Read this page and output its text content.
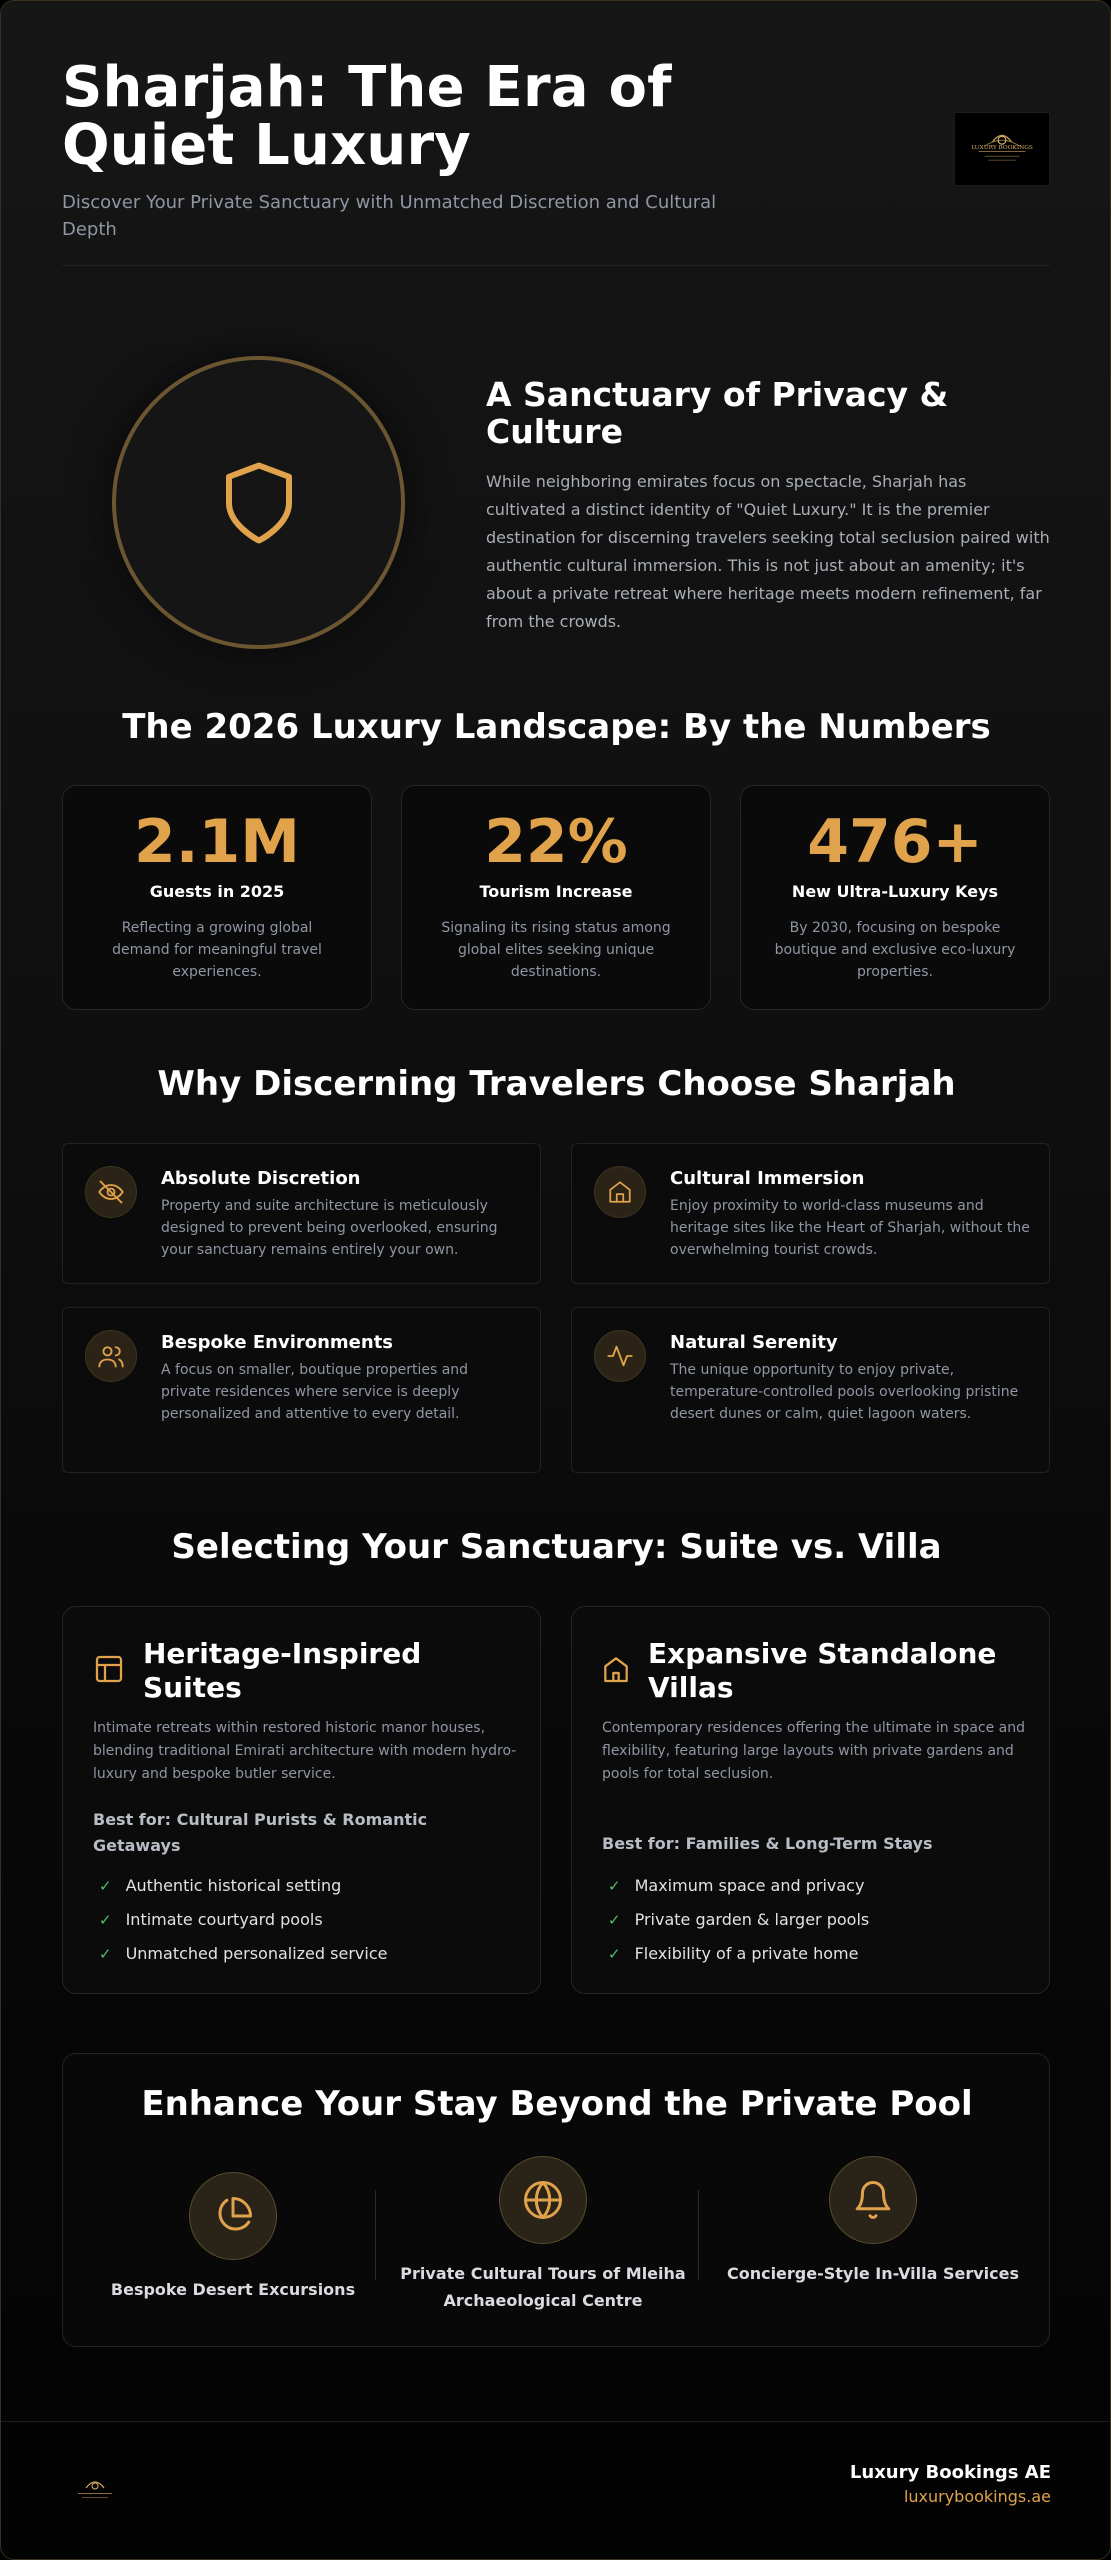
Sharjah: The Era of Quiet Luxury
Discover Your Private Sanctuary with Unmatched Discretion and Cultural Depth
LUXURY BOOKINGS
A Sanctuary of Privacy & Culture

While neighboring emirates focus on spectacle, Sharjah has cultivated a distinct identity of "Quiet Luxury." It is the premier destination for discerning travelers seeking total seclusion paired with authentic cultural immersion. This is not just about an amenity; it's about a private retreat where heritage meets modern refinement, far from the crowds.

The 2026 Luxury Landscape: By the Numbers
2.1M
Guests in 2025
Reflecting a growing global demand for meaningful travel experiences.
22%
Tourism Increase
Signaling its rising status among global elites seeking unique destinations.
476+
New Ultra-Luxury Keys
By 2030, focusing on bespoke boutique and exclusive eco-luxury properties.
Why Discerning Travelers Choose Sharjah
Absolute Discretion

Property and suite architecture is meticulously designed to prevent being overlooked, ensuring your sanctuary remains entirely your own.

Cultural Immersion

Enjoy proximity to world-class museums and heritage sites like the Heart of Sharjah, without the overwhelming tourist crowds.

Bespoke Environments

A focus on smaller, boutique properties and private residences where service is deeply personalized and attentive to every detail.

Natural Serenity

The unique opportunity to enjoy private, temperature-controlled pools overlooking pristine desert dunes or calm, quiet lagoon waters.

Selecting Your Sanctuary: Suite vs. Villa
Heritage-Inspired Suites
Intimate retreats within restored historic manor houses, blending traditional Emirati architecture with modern hydro-luxury and bespoke butler service.
Best for: Cultural Purists & Romantic Getaways
✓ Authentic historical setting
✓ Intimate courtyard pools
✓ Unmatched personalized service
Expansive Standalone Villas
Contemporary residences offering the ultimate in space and flexibility, featuring large layouts with private gardens and pools for total seclusion.
Best for: Families & Long-Term Stays
✓ Maximum space and privacy
✓ Private garden & larger pools
✓ Flexibility of a private home
Enhance Your Stay Beyond the Private Pool
Bespoke Desert Excursions
Private Cultural Tours of Mleiha Archaeological Centre
Concierge-Style In-Villa Services
Luxury Bookings AE
luxurybookings.ae
